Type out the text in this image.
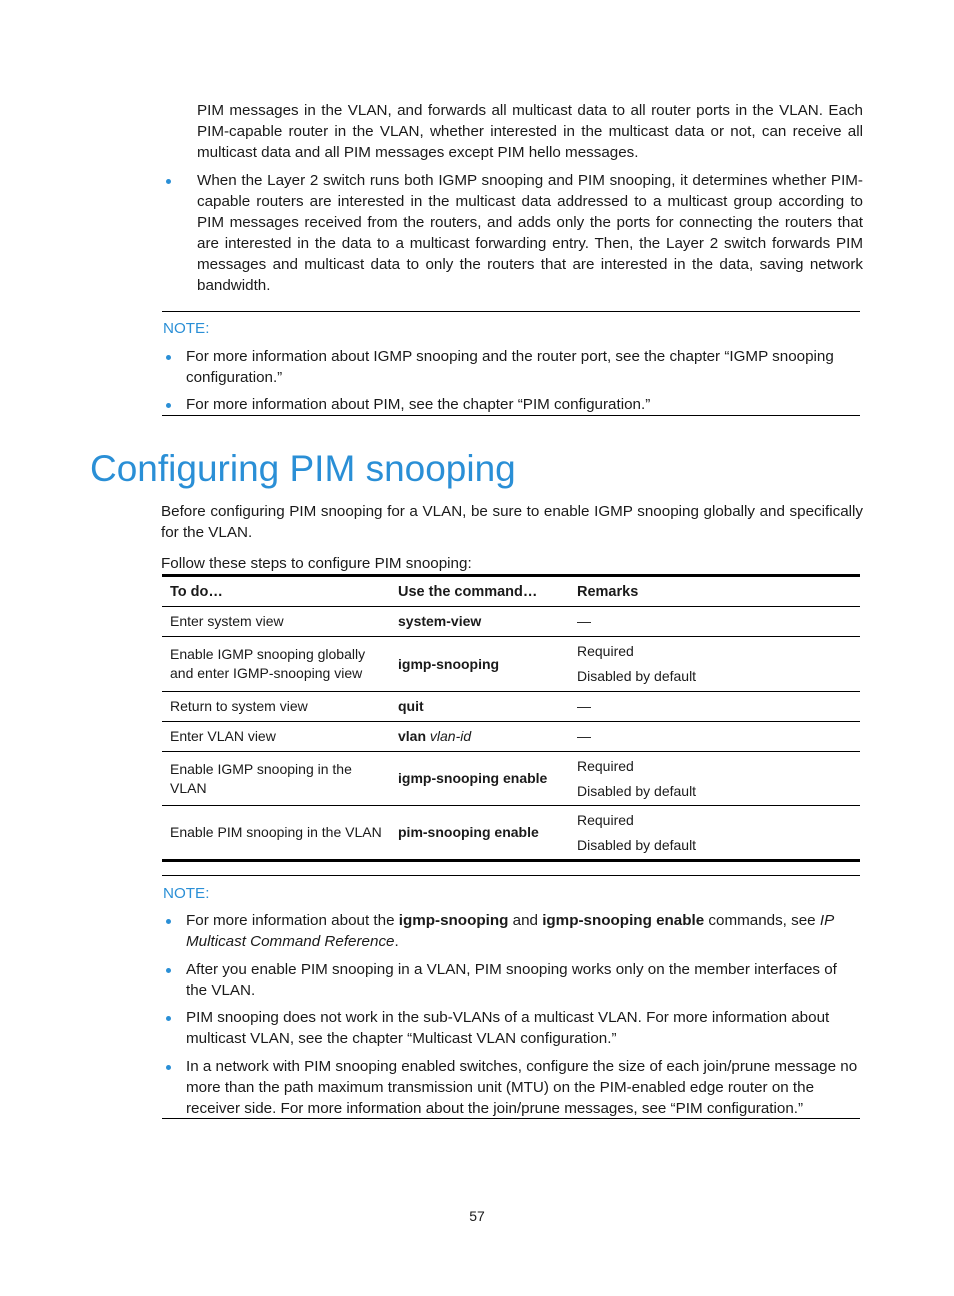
PIM messages in the VLAN, and forwards all multicast data to all router ports in the VLAN. Each PIM-capable router in the VLAN, whether interested in the multicast data or not, can receive all multicast data and all PIM messages except PIM hello messages.
When the Layer 2 switch runs both IGMP snooping and PIM snooping, it determines whether PIM-capable routers are interested in the multicast data addressed to a multicast group according to PIM messages received from the routers, and adds only the ports for connecting the routers that are interested in the data to a multicast forwarding entry. Then, the Layer 2 switch forwards PIM messages and multicast data to only the routers that are interested in the data, saving network bandwidth.
NOTE:
For more information about IGMP snooping and the router port, see the chapter “IGMP snooping configuration.”
For more information about PIM, see the chapter “PIM configuration.”
Configuring PIM snooping
Before configuring PIM snooping for a VLAN, be sure to enable IGMP snooping globally and specifically for the VLAN.
Follow these steps to configure PIM snooping:
To do…	Use the command…	Remarks
Enter system view	system-view	—

Enable IGMP snooping globally and enter IGMP-snooping view	igmp-snooping	Required
Disabled by default

Return to system view	quit	—

Enter VLAN view	vlan vlan-id	—

Enable IGMP snooping in the VLAN	igmp-snooping enable	Required
Disabled by default

Enable PIM snooping in the VLAN	pim-snooping enable	Required
Disabled by default
NOTE:
For more information about the igmp-snooping and igmp-snooping enable commands, see IP Multicast Command Reference.
After you enable PIM snooping in a VLAN, PIM snooping works only on the member interfaces of the VLAN.
PIM snooping does not work in the sub-VLANs of a multicast VLAN. For more information about multicast VLAN, see the chapter “Multicast VLAN configuration.”
In a network with PIM snooping enabled switches, configure the size of each join/prune message no more than the path maximum transmission unit (MTU) on the PIM-enabled edge router on the receiver side. For more information about the join/prune messages, see “PIM configuration.”
57
